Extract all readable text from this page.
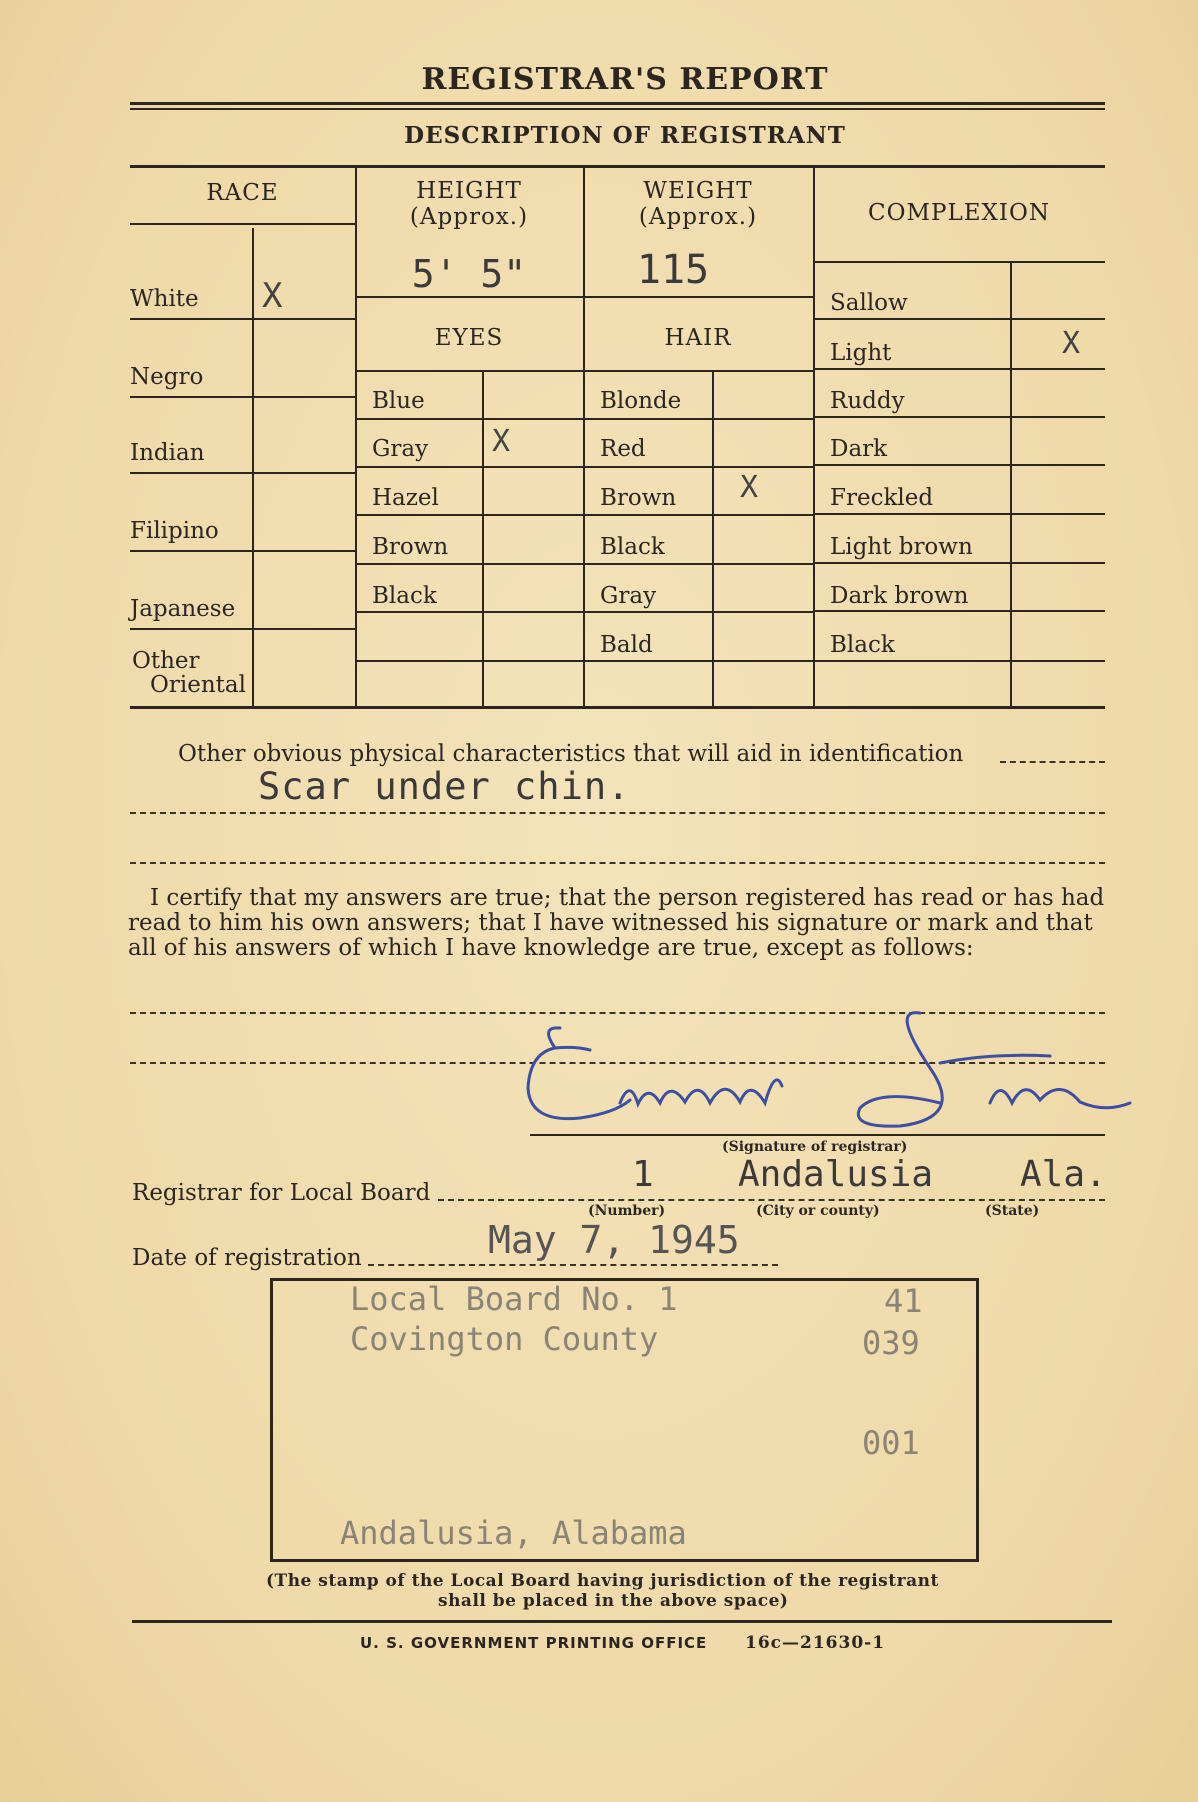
REGISTRAR'S REPORT
DESCRIPTION OF REGISTRANT
RACE
White X
Negro
Indian
Filipino
Japanese
Other
Oriental
HEIGHT
(Approx.)
5' 5"
WEIGHT
(Approx.)
115
EYES
Blue
Gray X
Hazel
Brown
Black
HAIR
Blonde
Red
Brown X
Black
Gray
Bald
COMPLEXION
Sallow
Light	X
Ruddy
Dark
Freckled
Light brown
Dark brown
Black
Other obvious physical characteristics that will aid in identification
Scar under chin.
I certify that my answers are true; that the person registered has read or has had
read to him his own answers; that I have witnessed his signature or mark and that
all of his answers of which I have knowledge are true, except as follows:
(Signature of registrar)
Registrar for Local Board	1 Andalusia Ala.
(Number)	(City or county)	(State)
Date of registration	May 7, 1945
Local Board No. 1
Covington County
41
039
001
Andalusia, Alabama
(The stamp of the Local Board having jurisdiction of the registrant
shall be placed in the above space)
U. S. GOVERNMENT PRINTING OFFICE 16c—21630-1
